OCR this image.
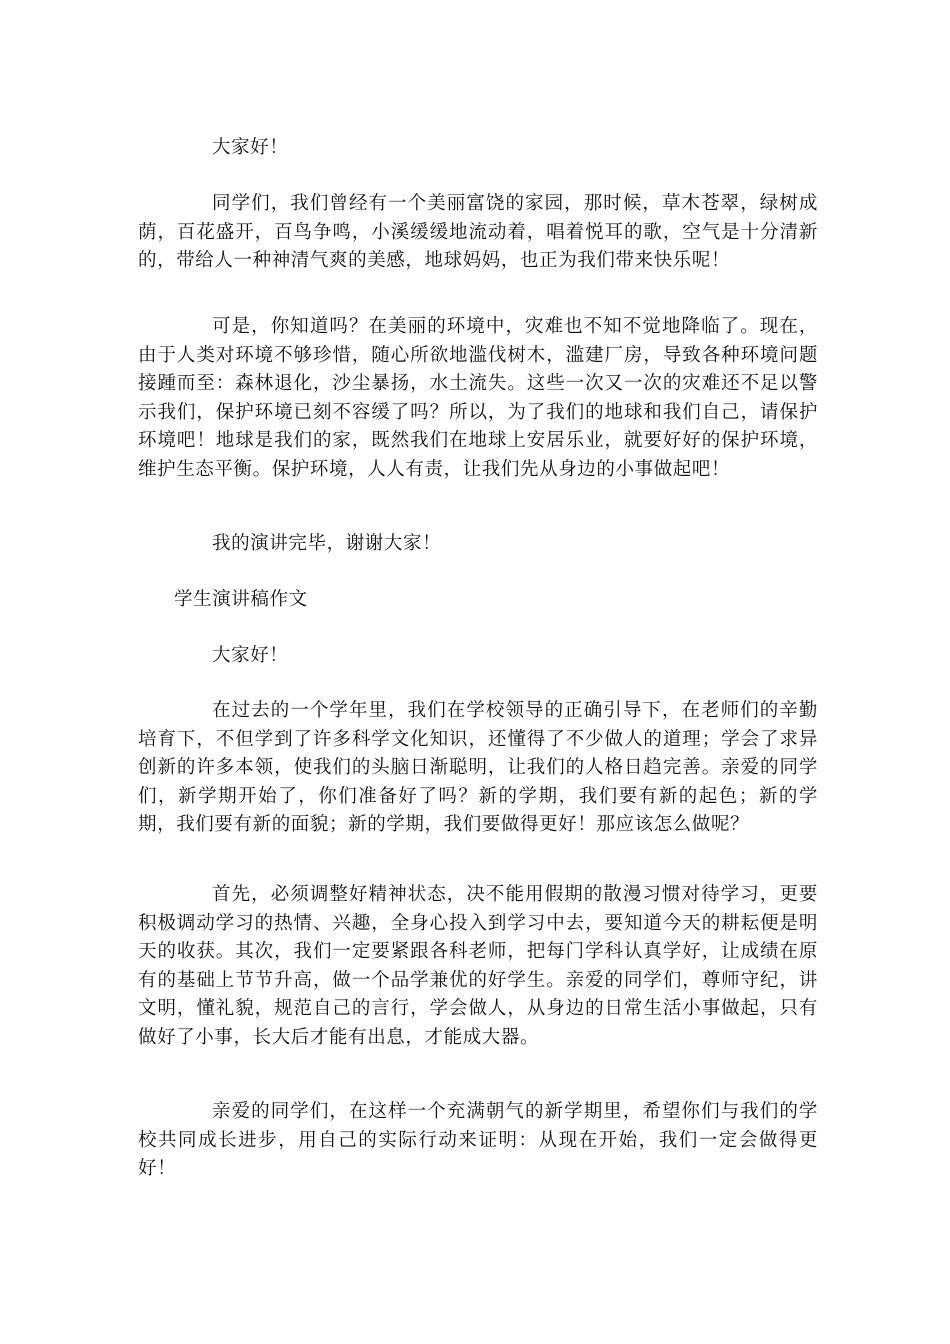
大家好！

同学们，我们曾经有一个美丽富饶的家园，那时候，草木苍翠，绿树成荫，百花盛开，百鸟争鸣，小溪缓缓地流动着，唱着悦耳的歌，空气是十分清新的，带给人一种神清气爽的美感，地球妈妈，也正为我们带来快乐呢！

可是，你知道吗？在美丽的环境中，灾难也不知不觉地降临了。现在，由于人类对环境不够珍惜，随心所欲地滥伐树木，滥建厂房，导致各种环境问题接踵而至：森林退化，沙尘暴扬，水土流失。这些一次又一次的灾难还不足以警示我们，保护环境已刻不容缓了吗？所以，为了我们的地球和我们自己，请保护环境吧！地球是我们的家，既然我们在地球上安居乐业，就要好好的保护环境，维护生态平衡。保护环境，人人有责，让我们先从身边的小事做起吧！

我的演讲完毕，谢谢大家！

学生演讲稿作文

大家好！

在过去的一个学年里，我们在学校领导的正确引导下，在老师们的辛勤培育下，不但学到了许多科学文化知识，还懂得了不少做人的道理；学会了求异创新的许多本领，使我们的头脑日渐聪明，让我们的人格日趋完善。亲爱的同学们，新学期开始了，你们准备好了吗？新的学期，我们要有新的起色；新的学期，我们要有新的面貌；新的学期，我们要做得更好！那应该怎么做呢？

首先，必须调整好精神状态，决不能用假期的散漫习惯对待学习，更要积极调动学习的热情、兴趣，全身心投入到学习中去，要知道今天的耕耘便是明天的收获。其次，我们一定要紧跟各科老师，把每门学科认真学好，让成绩在原有的基础上节节升高，做一个品学兼优的好学生。亲爱的同学们，尊师守纪，讲文明，懂礼貌，规范自己的言行，学会做人，从身边的日常生活小事做起，只有做好了小事，长大后才能有出息，才能成大器。

亲爱的同学们，在这样一个充满朝气的新学期里，希望你们与我们的学校共同成长进步，用自己的实际行动来证明：从现在开始，我们一定会做得更好！
